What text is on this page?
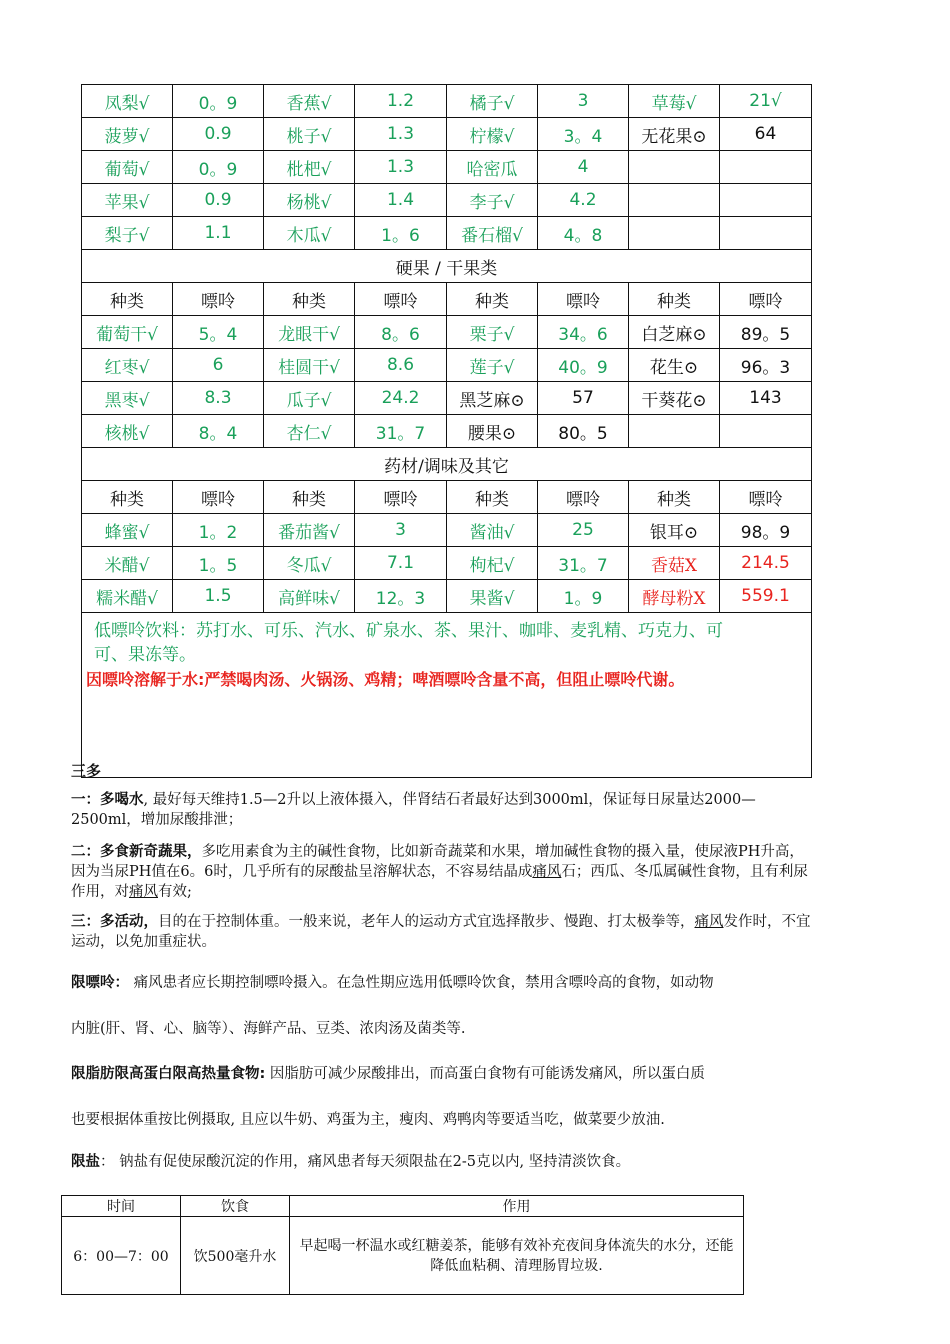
凤梨√	0。9	香蕉√	1.2	橘子√	3	草莓√	21√
菠萝√	0.9	桃子√	1.3	柠檬√	3。4	无花果⊙	64
葡萄√	0。9	枇杷√	1.3	哈密瓜	4		
苹果√	0.9	杨桃√	1.4	李子√	4.2		
梨子√	1.1	木瓜√	1。6	番石榴√	4。8		
硬果 / 干果类							
种类	嘌呤	种类	嘌呤	种类	嘌呤	种类	嘌呤
葡萄干√	5。4	龙眼干√	8。6	栗子√	34。6	白芝麻⊙	89。5
红枣√	6	桂圆干√	8.6	莲子√	40。9	花生⊙	96。3
黑枣√	8.3	瓜子√	24.2	黑芝麻⊙	57	干葵花⊙	143
核桃√	8。4	杏仁√	31。7	腰果⊙	80。5		
药材/调味及其它							
种类	嘌呤	种类	嘌呤	种类	嘌呤	种类	嘌呤
蜂蜜√	1。2	番茄酱√	3	酱油√	25	银耳⊙	98。9
米醋√	1。5	冬瓜√	7.1	枸杞√	31。7	香菇X	214.5
糯米醋√	1.5	高鲜味√	12。3	果酱√	1。9	酵母粉X	559.1

低嘌呤饮料：苏打水、可乐、汽水、矿泉水、茶、果汁、咖啡、麦乳精、巧克力、可可、果冻等。
因嘌呤溶解于水:严禁喝肉汤、火锅汤、鸡精；啤酒嘌呤含量不高，但阻止嘌呤代谢。							
三多
一：多喝水, 最好每天维持1.5—2升以上液体摄入，伴肾结石者最好达到3000ml，保证每日尿量达2000—2500ml，增加尿酸排泄；
二：多食新奇蔬果，多吃用素食为主的碱性食物，比如新奇蔬菜和水果，增加碱性食物的摄入量，使尿液PH升高，因为当尿PH值在6。6时，几乎所有的尿酸盐呈溶解状态，不容易结晶成痛风石；西瓜、冬瓜属碱性食物，且有利尿作用，对痛风有效;
三：多活动，目的在于控制体重。一般来说，老年人的运动方式宜选择散步、慢跑、打太极拳等，痛风发作时，不宜运动，以免加重症状。
限嘌呤： 痛风患者应长期控制嘌呤摄入。在急性期应选用低嘌呤饮食，禁用含嘌呤高的食物，如动物
内脏(肝、肾、心、脑等）、海鲜产品、豆类、浓肉汤及菌类等.
限脂肪限高蛋白限高热量食物: 因脂肪可减少尿酸排出，而高蛋白食物有可能诱发痛风，所以蛋白质
也要根据体重按比例摄取, 且应以牛奶、鸡蛋为主，瘦肉、鸡鸭肉等要适当吃，做菜要少放油.
限盐： 钠盐有促使尿酸沉淀的作用，痛风患者每天须限盐在2-5克以内, 坚持清淡饮食。
时间	饮食	作用
6：00—7：00	饮500毫升水	早起喝一杯温水或红糖姜茶，能够有效补充夜间身体流失的水分，还能降低血粘稠、清理肠胃垃圾.
